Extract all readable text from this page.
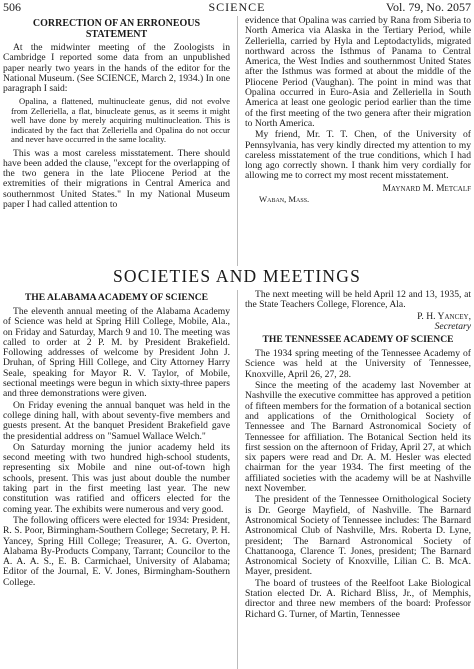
506	SCIENCE	Vol. 79, No. 2057
CORRECTION OF AN ERRONEOUS STATEMENT

At the midwinter meeting of the Zoologists in Cambridge I reported some data from an unpublished paper nearly two years in the hands of the editor for the National Museum. (See SCIENCE, March 2, 1934.) In one paragraph I said:

Opalina, a flattened, multinucleate genus, did not evolve from Zelleriella, a flat, binucleate genus, as it seems it might well have done by merely acquiring multinucleation. This is indicated by the fact that Zelleriella and Opalina do not occur and never have occurred in the same locality.

This was a most careless misstatement. There should have been added the clause, "except for the overlapping of the two genera in the late Pliocene Period at the extremities of their migrations in Central America and southernmost United States." In my National Museum paper I had called attention to

evidence that Opalina was carried by Rana from Siberia to North America via Alaska in the Tertiary Period, while Zelleriella, carried by Hyla and Leptodactylids, migrated northward across the Isthmus of Panama to Central America, the West Indies and southernmost United States after the Isthmus was formed at about the middle of the Pliocene Period (Vaughan). The point in mind was that Opalina occurred in Euro-Asia and Zelleriella in South America at least one geologic period earlier than the time of the first meeting of the two genera after their migration to North America.

My friend, Mr. T. T. Chen, of the University of Pennsylvania, has very kindly directed my attention to my careless misstatement of the true conditions, which I had long ago correctly shown. I thank him very cordially for allowing me to correct my most recent misstatement.

Maynard M. Metcalf
Waban, Mass.
SOCIETIES AND MEETINGS
THE ALABAMA ACADEMY OF SCIENCE

The eleventh annual meeting of the Alabama Academy of Science was held at Spring Hill College, Mobile, Ala., on Friday and Saturday, March 9 and 10. The meeting was called to order at 2 P. M. by President Brakefield. Following addresses of welcome by President John J. Druhan, of Spring Hill College, and City Attorney Harry Seale, speaking for Mayor R. V. Taylor, of Mobile, sectional meetings were begun in which sixty-three papers and three demonstrations were given.

On Friday evening the annual banquet was held in the college dining hall, with about seventy-five members and guests present. At the banquet President Brakefield gave the presidential address on "Samuel Wallace Welch."

On Saturday morning the junior academy held its second meeting with two hundred high-school students, representing six Mobile and nine out-of-town high schools, present. This was just about double the number taking part in the first meeting last year. The new constitution was ratified and officers elected for the coming year. The exhibits were numerous and very good.

The following officers were elected for 1934: President, R. S. Poor, Birmingham-Southern College; Secretary, P. H. Yancey, Spring Hill College; Treasurer, A. G. Overton, Alabama By-Products Company, Tarrant; Councilor to the A. A. A. S., E. B. Carmichael, University of Alabama; Editor of the Journal, E. V. Jones, Birmingham-Southern College.

The next meeting will be held April 12 and 13, 1935, at the State Teachers College, Florence, Ala.

P. H. Yancey,
Secretary
THE TENNESSEE ACADEMY OF SCIENCE

The 1934 spring meeting of the Tennessee Academy of Science was held at the University of Tennessee, Knoxville, April 26, 27, 28.

Since the meeting of the academy last November at Nashville the executive committee has approved a petition of fifteen members for the formation of a botanical section and applications of the Ornithological Society of Tennessee and The Barnard Astronomical Society of Tennessee for affiliation. The Botanical Section held its first session on the afternoon of Friday, April 27, at which six papers were read and Dr. A. M. Hesler was elected chairman for the year 1934. The first meeting of the affiliated societies with the academy will be at Nashville next November.

The president of the Tennessee Ornithological Society is Dr. George Mayfield, of Nashville. The Barnard Astronomical Society of Tennessee includes: The Barnard Astronomical Club of Nashville, Mrs. Roberta D. Lyne, president; The Barnard Astronomical Society of Chattanooga, Clarence T. Jones, president; The Barnard Astronomical Society of Knoxville, Lilian C. B. McA. Mayer, president.

The board of trustees of the Reelfoot Lake Biological Station elected Dr. A. Richard Bliss, Jr., of Memphis, director and three new members of the board: Professor Richard G. Turner, of Martin, Tennessee
